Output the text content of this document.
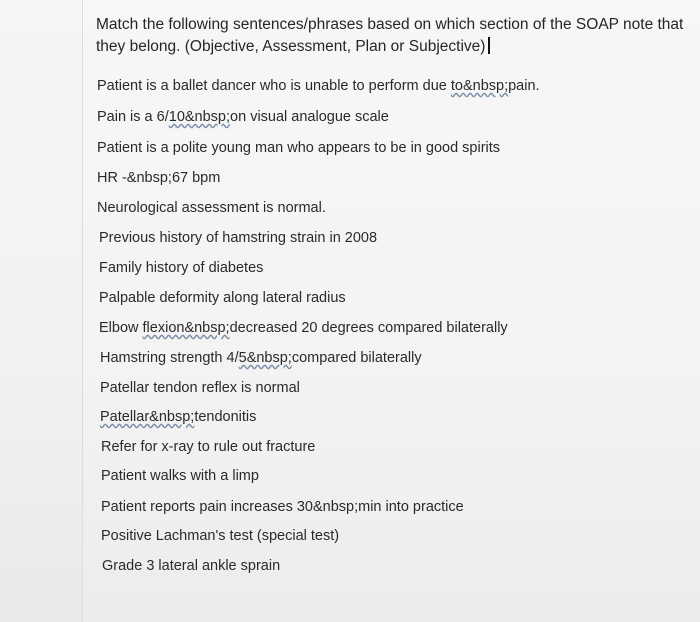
Match the following sentences/phrases based on which section of the SOAP note that they belong. (Objective, Assessment, Plan or Subjective)
Patient is a ballet dancer who is unable to perform due to&nbsp;pain.
Pain is a 6/10&nbsp;on visual analogue scale
Patient is a polite young man who appears to be in good spirits
HR -&nbsp;67 bpm
Neurological assessment is normal.
Previous history of hamstring strain in 2008
Family history of diabetes
Palpable deformity along lateral radius
Elbow flexion&nbsp;decreased 20 degrees compared bilaterally
Hamstring strength 4/5&nbsp;compared bilaterally
Patellar tendon reflex is normal
Patellar&nbsp;tendonitis
Refer for x-ray to rule out fracture
Patient walks with a limp
Patient reports pain increases 30&nbsp;min into practice
Positive Lachman's test (special test)
Grade 3 lateral ankle sprain
